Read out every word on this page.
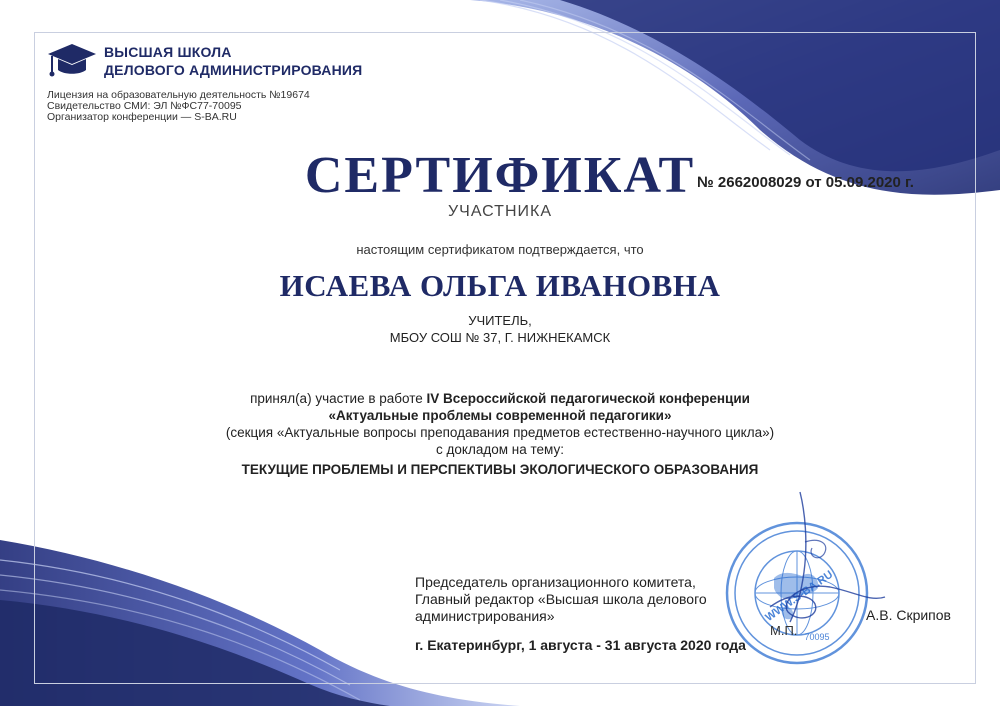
ВЫСШАЯ ШКОЛА
ДЕЛОВОГО АДМИНИСТРИРОВАНИЯ
Лицензия на образовательную деятельность №19674
Свидетельство СМИ: ЭЛ №ФС77-70095
Организатор конференции — S-BA.RU
СЕРТИФИКАТ № 2662008029 от 05.09.2020 г.
УЧАСТНИКА
настоящим сертификатом подтверждается, что
ИСАЕВА ОЛЬГА ИВАНОВНА
УЧИТЕЛЬ,
МБОУ СОШ № 37, Г. НИЖНЕКАМСК
принял(а) участие в работе IV Всероссийской педагогической конференции
«Актуальные проблемы современной педагогики»
(секция «Актуальные вопросы преподавания предметов естественно-научного цикла»)
с докладом на тему:
ТЕКУЩИЕ ПРОБЛЕМЫ И ПЕРСПЕКТИВЫ ЭКОЛОГИЧЕСКОГО ОБРАЗОВАНИЯ
WWW.S-BA.RU
70095
Председатель организационного комитета,
Главный редактор «Высшая школа делового
администрирования»
М.П.
А.В. Скрипов
г. Екатеринбург, 1 августа - 31 августа 2020 года
